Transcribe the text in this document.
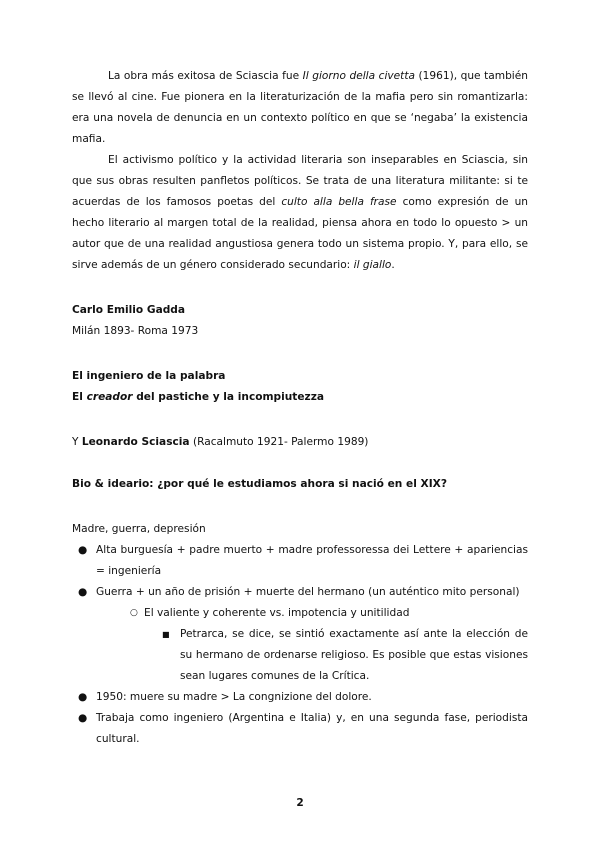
La obra más exitosa de Sciascia fue Il giorno della civetta (1961), que también se llevó al cine. Fue pionera en la literaturización de la mafia pero sin romantizarla: era una novela de denuncia en un contexto político en que se ‘negaba’ la existencia mafia.

El activismo político y la actividad literaria son inseparables en Sciascia, sin que sus obras resulten panfletos políticos. Se trata de una literatura militante: si te acuerdas de los famosos poetas del culto alla bella frase como expresión de un hecho literario al margen total de la realidad, piensa ahora en todo lo opuesto > un autor que de una realidad angustiosa genera todo un sistema propio. Y, para ello, se sirve además de un género considerado secundario: il giallo.

Carlo Emilio Gadda

Milán 1893- Roma 1973

El ingeniero de la palabra

El creador del pastiche y la incompiutezza

Y Leonardo Sciascia (Racalmuto 1921- Palermo 1989)

Bio & ideario: ¿por qué le estudiamos ahora si nació en el XIX?

Madre, guerra, depresión

● Alta burguesía + padre muerto + madre professoressa dei Lettere + apariencias = ingeniería
● Guerra + un año de prisión + muerte del hermano (un auténtico mito personal)
○ El valiente y coherente vs. impotencia y unitilidad
■ Petrarca, se dice, se sintió exactamente así ante la elección de su hermano de ordenarse religioso. Es posible que estas visiones sean lugares comunes de la Crítica.
● 1950: muere su madre > La congnizione del dolore.
● Trabaja como ingeniero (Argentina e Italia) y, en una segunda fase, periodista cultural.
2
